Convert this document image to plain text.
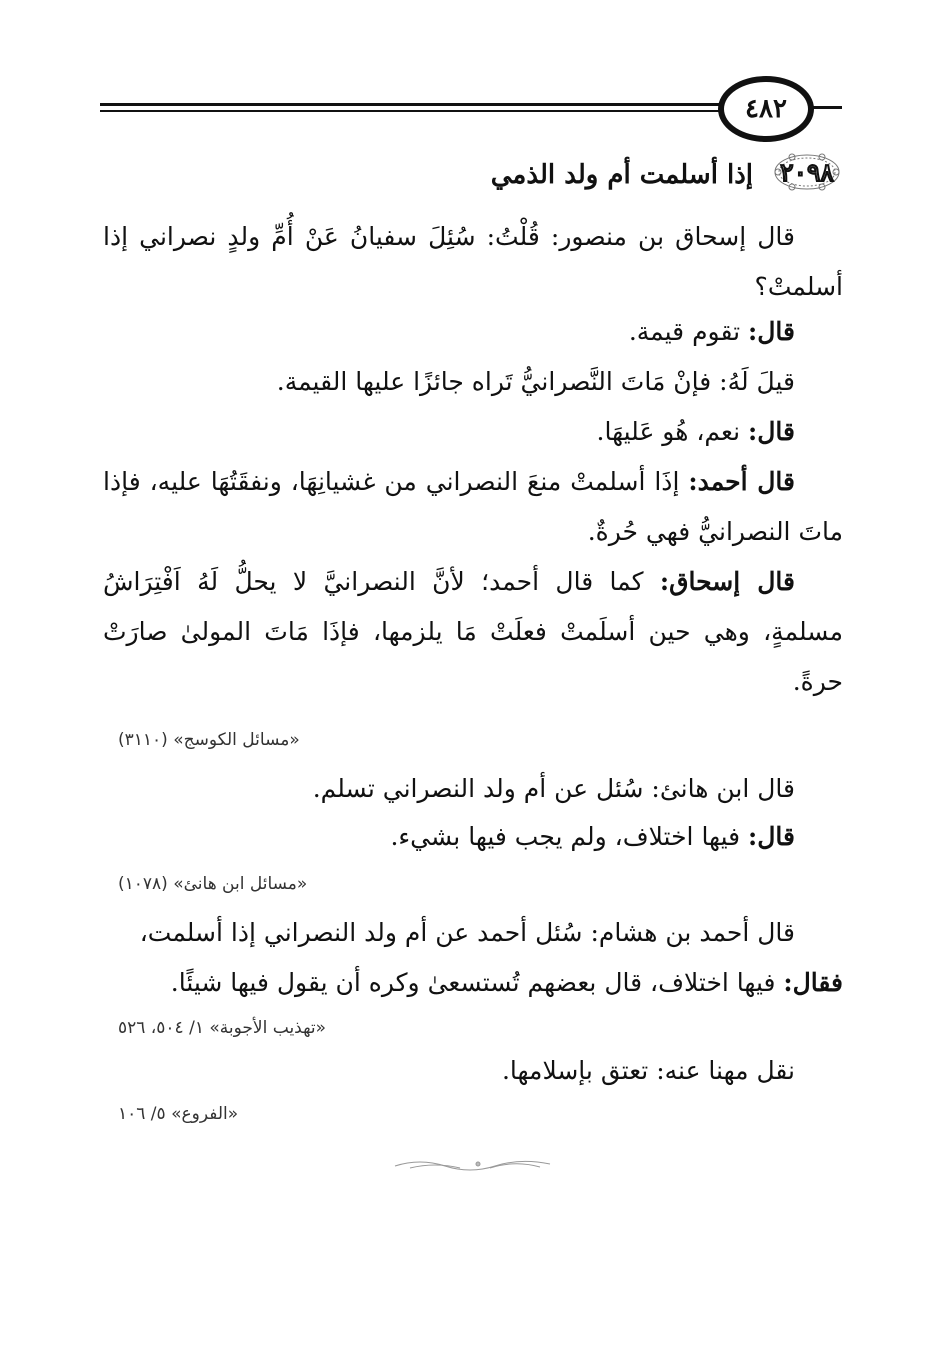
٤٨٢
٢٠٩٨
إذا أسلمت أم ولد الذمي

قال إسحاق بن منصور: قُلْتُ: سُئِلَ سفيانُ عَنْ أُمِّ ولدٍ نصراني إذا أسلمتْ؟

قال: تقوم قيمة.

قيلَ لَهُ: فإنْ مَاتَ النَّصرانيُّ تَراه جائزًا عليها القيمة.

قال: نعم، هُو عَليهَا.

قال أحمد: إذَا أسلمتْ منعَ النصراني من غشيانِهَا، ونفقَتُهَا عليه، فإذا ماتَ النصرانيُّ فهي حُرةٌ.

قال إسحاق: كما قال أحمد؛ لأنَّ النصرانيَّ لا يحلُّ لَهُ اَفْتِرَاشُ مسلمةٍ، وهي حين أسلَمتْ فعلَتْ مَا يلزمها، فإذَا مَاتَ المولىٰ صارَتْ حرةً.

«مسائل الكوسج» (٣١١٠)

قال ابن هانئ: سُئل عن أم ولد النصراني تسلم.

قال: فيها اختلاف، ولم يجب فيها بشيء.

«مسائل ابن هانئ» (١٠٧٨)

قال أحمد بن هشام: سُئل أحمد عن أم ولد النصراني إذا أسلمت،

فقال: فيها اختلاف، قال بعضهم تُستسعىٰ وكره أن يقول فيها شيئًا.

«تهذيب الأجوبة» ١/ ٥٠٤، ٥٢٦

نقل مهنا عنه: تعتق بإسلامها.

«الفروع» ٥/ ١٠٦
